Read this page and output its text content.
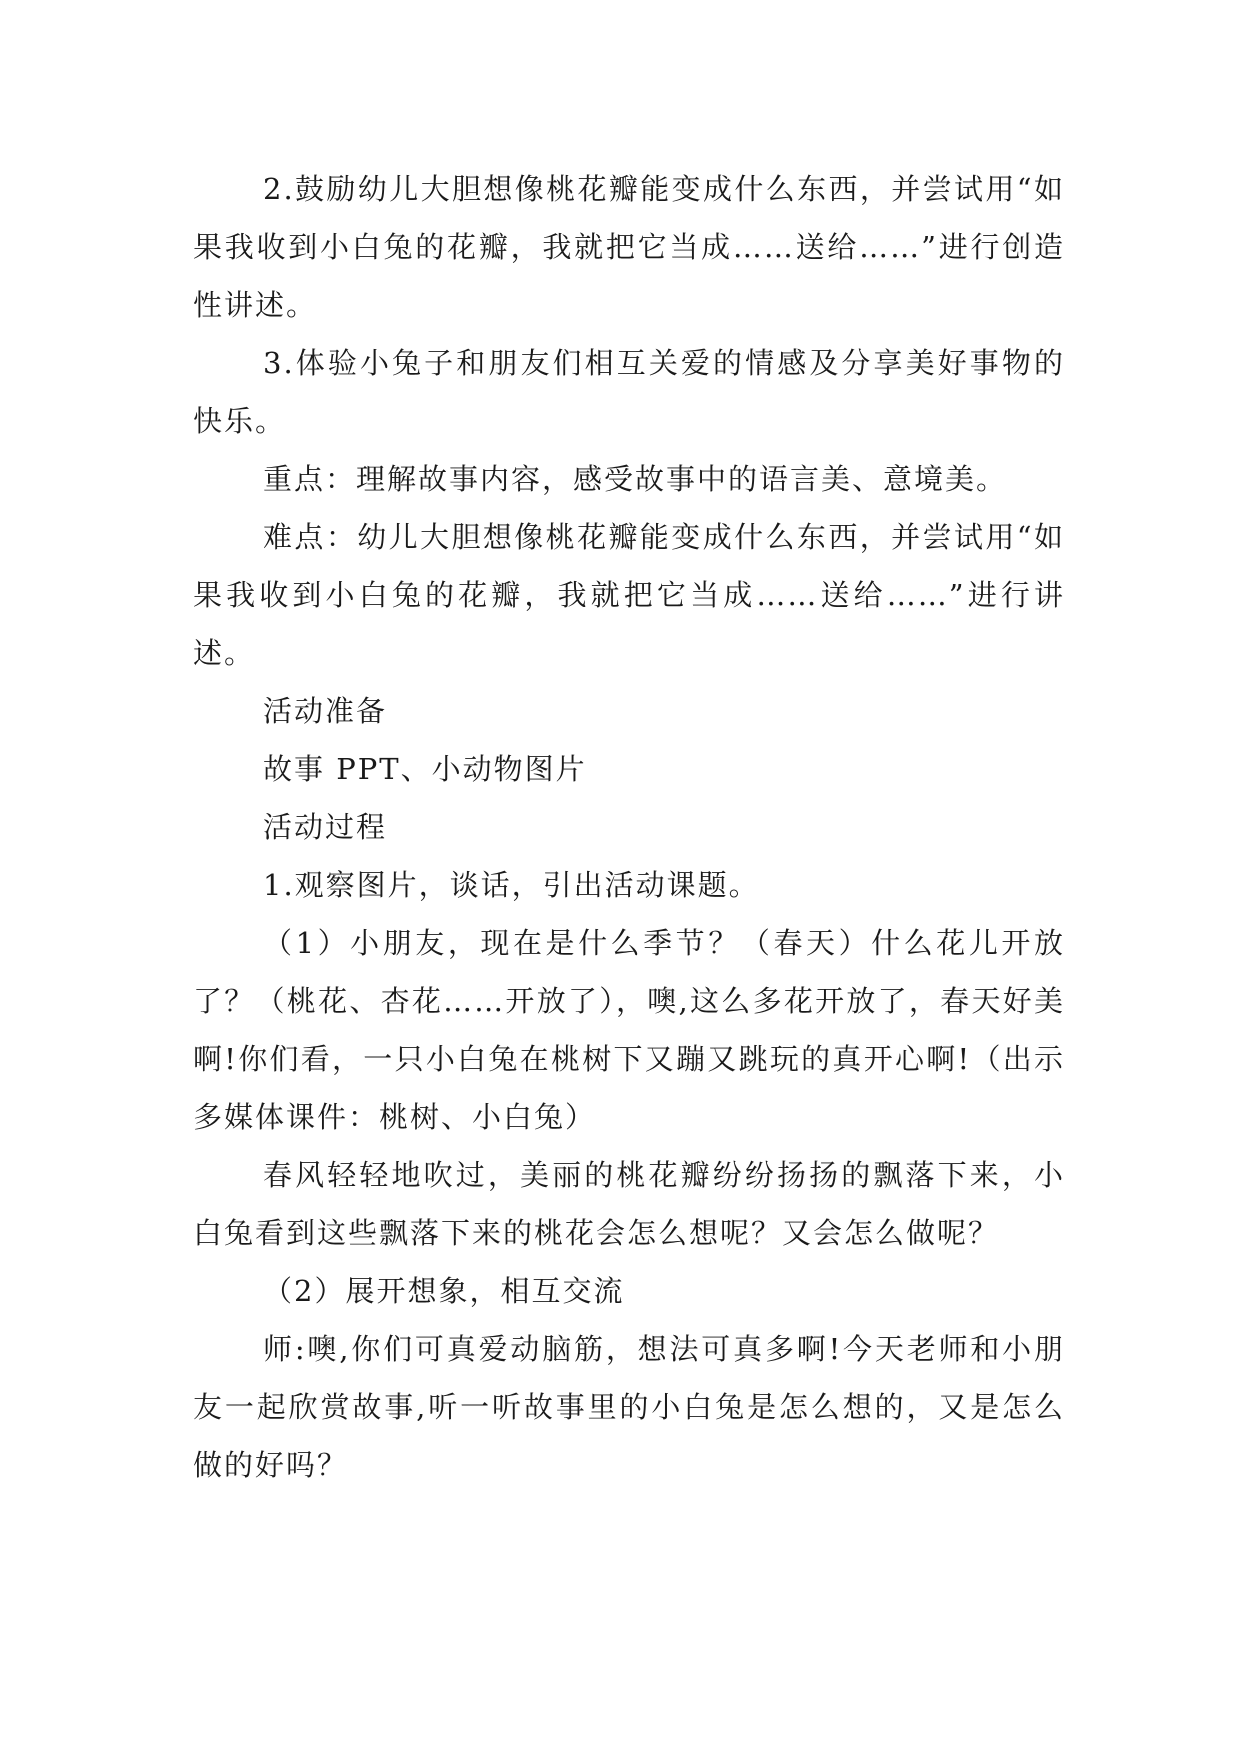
2.鼓励幼儿大胆想像桃花瓣能变成什么东西，并尝试用“如果我收到小白兔的花瓣，我就把它当成……送给……”进行创造性讲述。

3.体验小兔子和朋友们相互关爱的情感及分享美好事物的快乐。

重点：理解故事内容，感受故事中的语言美、意境美。

难点：幼儿大胆想像桃花瓣能变成什么东西，并尝试用“如果我收到小白兔的花瓣，我就把它当成……送给……”进行讲述。

活动准备

故事 PPT、小动物图片

活动过程

1.观察图片，谈话，引出活动课题。

（1）小朋友，现在是什么季节？（春天）什么花儿开放了？（桃花、杏花……开放了），噢,这么多花开放了，春天好美啊!你们看，一只小白兔在桃树下又蹦又跳玩的真开心啊!（出示多媒体课件：桃树、小白兔）

春风轻轻地吹过，美丽的桃花瓣纷纷扬扬的飘落下来，小白兔看到这些飘落下来的桃花会怎么想呢？又会怎么做呢？

（2）展开想象，相互交流

师:噢,你们可真爱动脑筋，想法可真多啊!今天老师和小朋友一起欣赏故事,听一听故事里的小白兔是怎么想的，又是怎么做的好吗？
